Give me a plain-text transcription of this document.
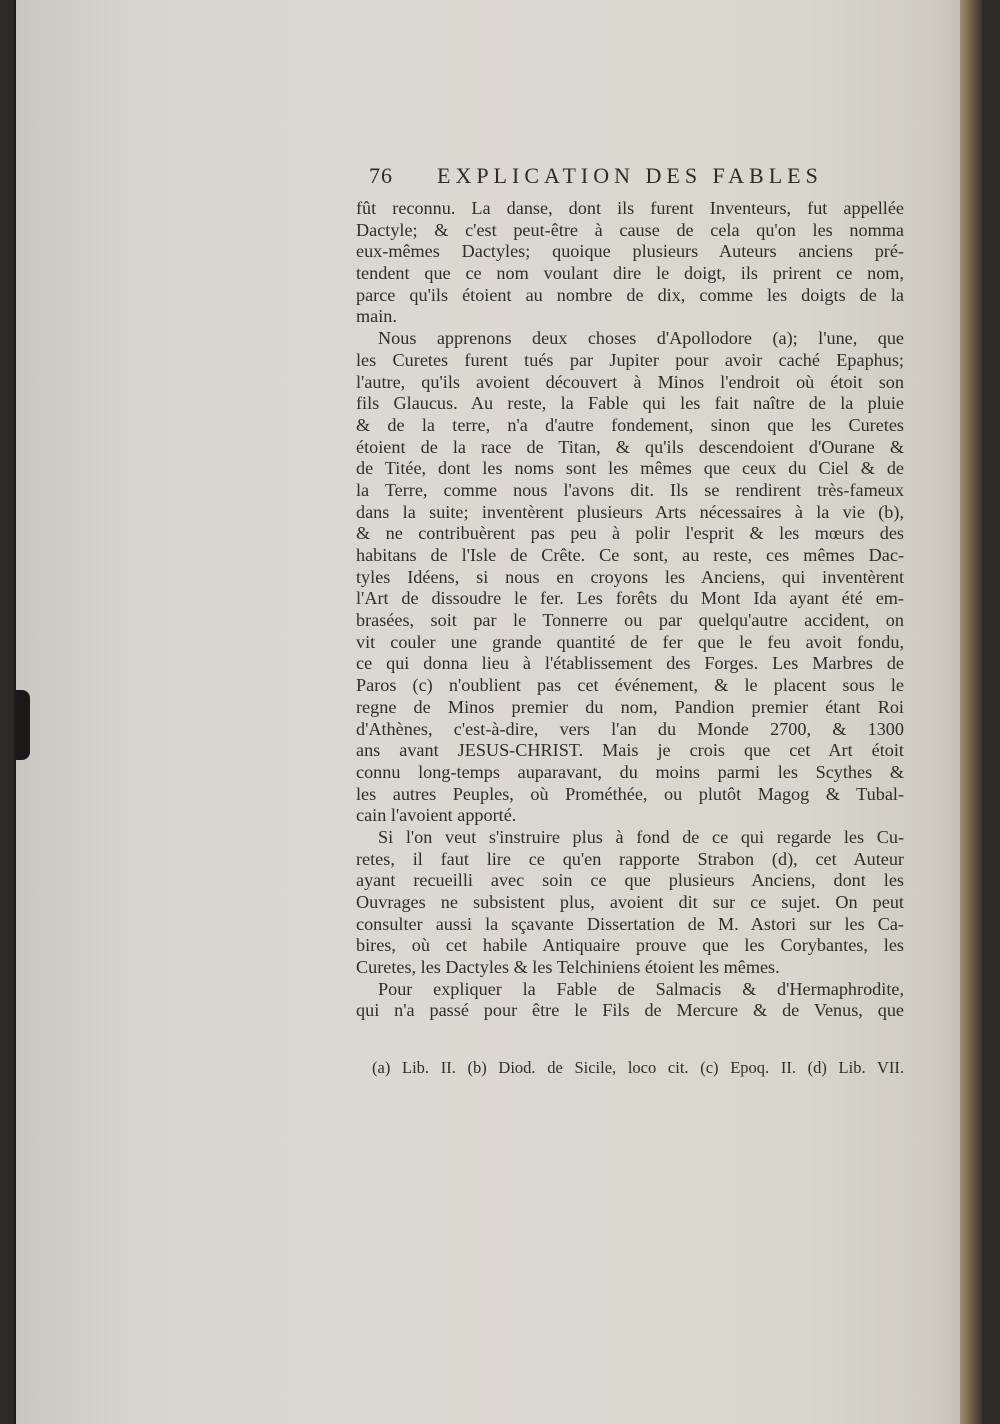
76 EXPLICATION DES FABLES
fût reconnu. La danse, dont ils furent Inventeurs, fut appellée
Dactyle; & c'est peut-être à cause de cela qu'on les nomma
eux-mêmes Dactyles; quoique plusieurs Auteurs anciens pré-
tendent que ce nom voulant dire le doigt, ils prirent ce nom,
parce qu'ils étoient au nombre de dix, comme les doigts de la
main.
Nous apprenons deux choses d'Apollodore (a); l'une, que
les Curetes furent tués par Jupiter pour avoir caché Epaphus;
l'autre, qu'ils avoient découvert à Minos l'endroit où étoit son
fils Glaucus. Au reste, la Fable qui les fait naître de la pluie
& de la terre, n'a d'autre fondement, sinon que les Curetes
étoient de la race de Titan, & qu'ils descendoient d'Ourane &
de Titée, dont les noms sont les mêmes que ceux du Ciel & de
la Terre, comme nous l'avons dit. Ils se rendirent très-fameux
dans la suite; inventèrent plusieurs Arts nécessaires à la vie (b),
& ne contribuèrent pas peu à polir l'esprit & les mœurs des
habitans de l'Isle de Crête. Ce sont, au reste, ces mêmes Dac-
tyles Idéens, si nous en croyons les Anciens, qui inventèrent
l'Art de dissoudre le fer. Les forêts du Mont Ida ayant été em-
brasées, soit par le Tonnerre ou par quelqu'autre accident, on
vit couler une grande quantité de fer que le feu avoit fondu,
ce qui donna lieu à l'établissement des Forges. Les Marbres de
Paros (c) n'oublient pas cet événement, & le placent sous le
regne de Minos premier du nom, Pandion premier étant Roi
d'Athènes, c'est-à-dire, vers l'an du Monde 2700, & 1300
ans avant JESUS-CHRIST. Mais je crois que cet Art étoit
connu long-temps auparavant, du moins parmi les Scythes &
les autres Peuples, où Prométhée, ou plutôt Magog & Tubal-
cain l'avoient apporté.
Si l'on veut s'instruire plus à fond de ce qui regarde les Cu-
retes, il faut lire ce qu'en rapporte Strabon (d), cet Auteur
ayant recueilli avec soin ce que plusieurs Anciens, dont les
Ouvrages ne subsistent plus, avoient dit sur ce sujet. On peut
consulter aussi la sçavante Dissertation de M. Astori sur les Ca-
bires, où cet habile Antiquaire prouve que les Corybantes, les
Curetes, les Dactyles & les Telchiniens étoient les mêmes.
Pour expliquer la Fable de Salmacis & d'Hermaphrodite,
qui n'a passé pour être le Fils de Mercure & de Venus, que
(a) Lib. II. (b) Diod. de Sicile, loco cit. (c) Epoq. II. (d) Lib. VII.
